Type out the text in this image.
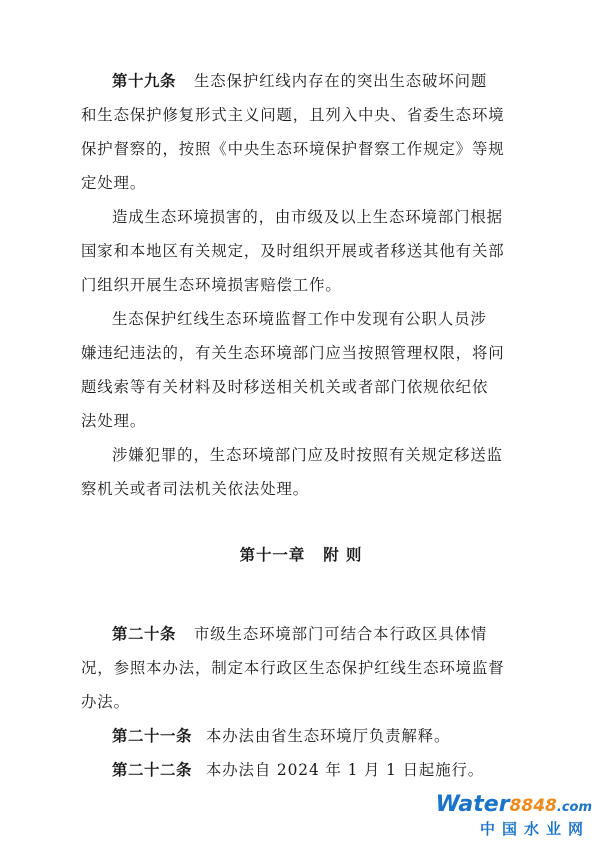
第十九条 生态保护红线内存在的突出生态破坏问题
和生态保护修复形式主义问题，且列入中央、省委生态环境
保护督察的，按照《中央生态环境保护督察工作规定》等规
定处理。
造成生态环境损害的，由市级及以上生态环境部门根据
国家和本地区有关规定，及时组织开展或者移送其他有关部
门组织开展生态环境损害赔偿工作。
生态保护红线生态环境监督工作中发现有公职人员涉
嫌违纪违法的，有关生态环境部门应当按照管理权限，将问
题线索等有关材料及时移送相关机关或者部门依规依纪依
法处理。
涉嫌犯罪的，生态环境部门应及时按照有关规定移送监
察机关或者司法机关依法处理。
第十一章 附 则
第二十条 市级生态环境部门可结合本行政区具体情
况，参照本办法，制定本行政区生态保护红线生态环境监督
办法。
第二十一条 本办法由省生态环境厅负责解释。
第二十二条 本办法自 2024 年 1 月 1 日起施行。
Water8848.com
中国水业网
